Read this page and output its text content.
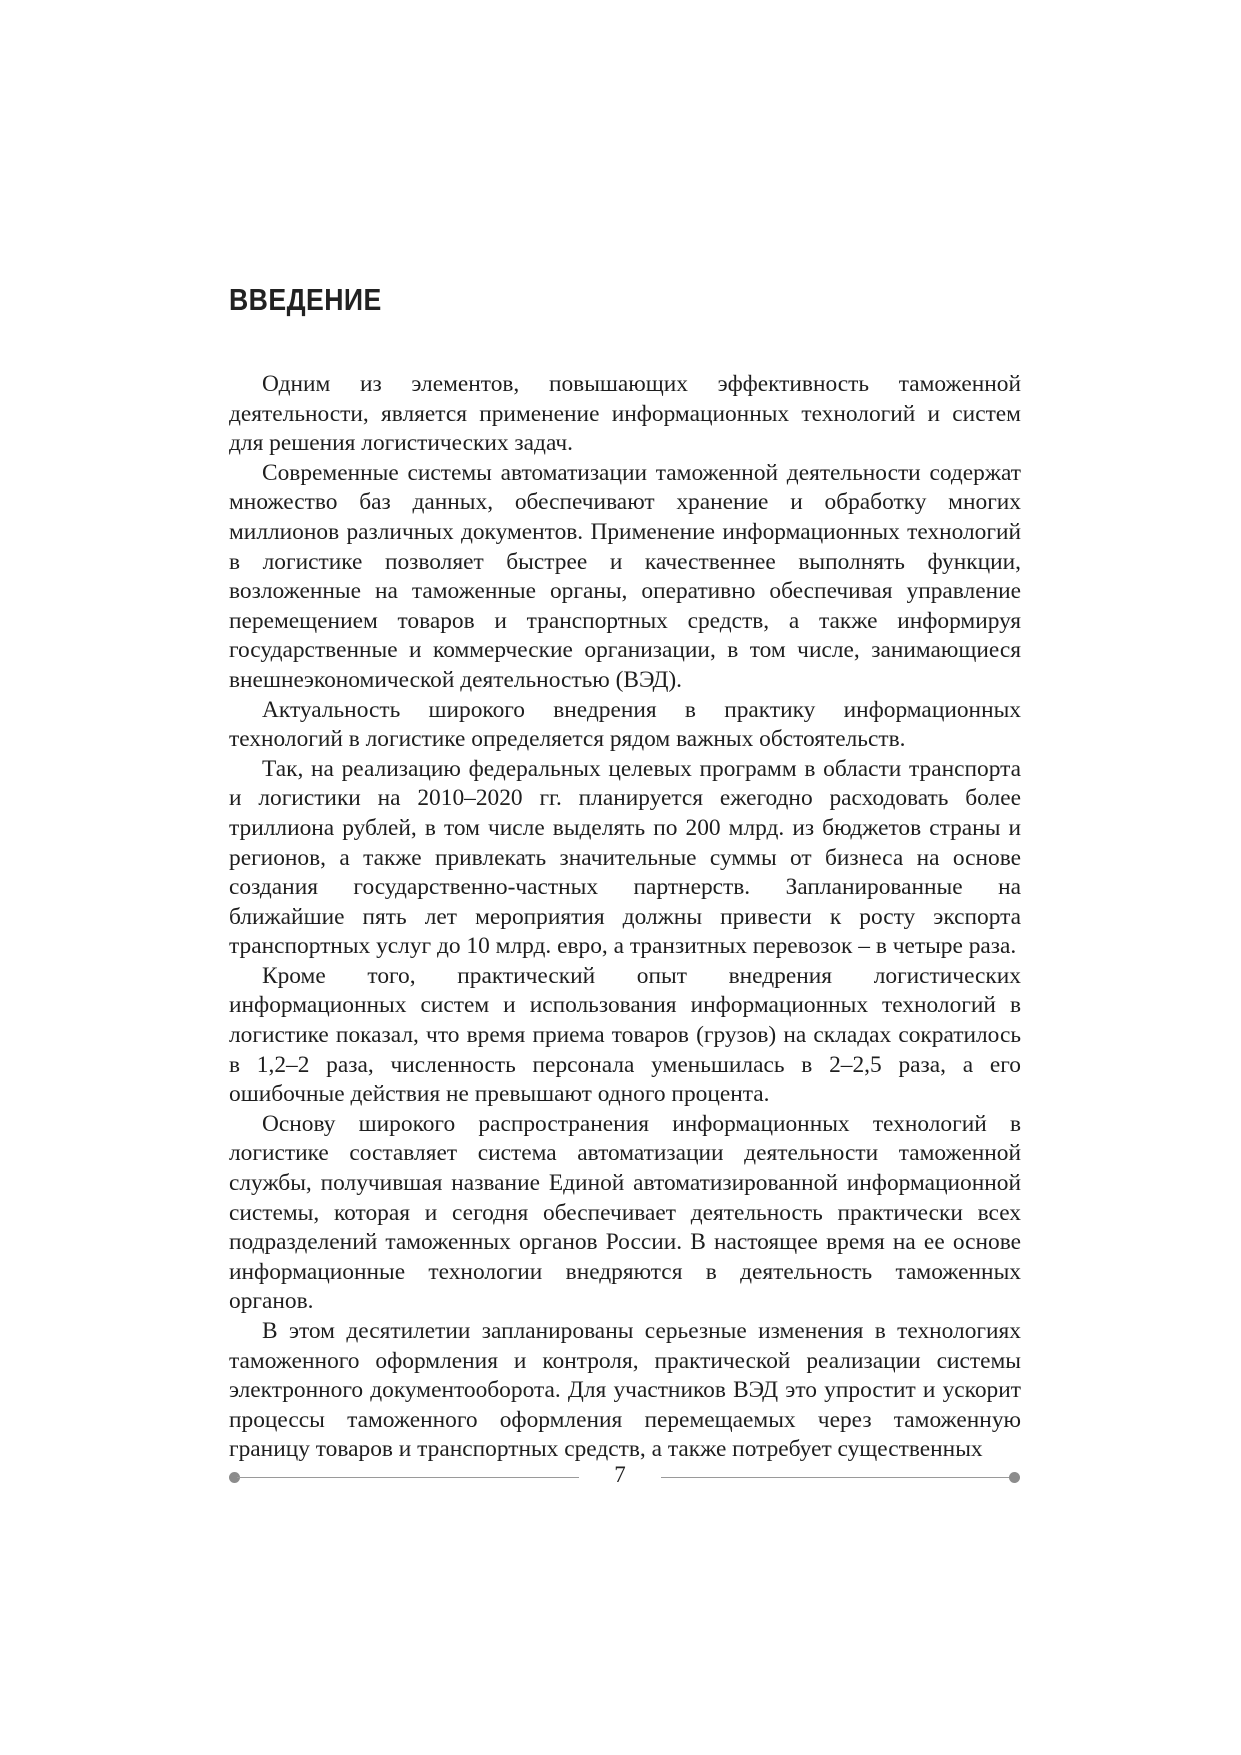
ВВЕДЕНИЕ

Одним из элементов, повышающих эффективность таможенной деятельности, является применение информационных технологий и систем для решения логистических задач.

Современные системы автоматизации таможенной деятельности содержат множество баз данных, обеспечивают хранение и обработку многих миллионов различных документов. Применение информационных технологий в логистике позволяет быстрее и качественнее выполнять функции, возложенные на таможенные органы, оперативно обеспечивая управление перемещением товаров и транспортных средств, а также информируя государственные и коммерческие организации, в том числе, занимающиеся внешнеэкономической деятельностью (ВЭД).

Актуальность широкого внедрения в практику информационных технологий в логистике определяется рядом важных обстоятельств.

Так, на реализацию федеральных целевых программ в области транспорта и логистики на 2010–2020 гг. планируется ежегодно расходовать более триллиона рублей, в том числе выделять по 200 млрд. из бюджетов страны и регионов, а также привлекать значительные суммы от бизнеса на основе создания государственно-частных партнерств. Запланированные на ближайшие пять лет мероприятия должны привести к росту экспорта транспортных услуг до 10 млрд. евро, а транзитных перевозок – в четыре раза.

Кроме того, практический опыт внедрения логистических информационных систем и использования информационных технологий в логистике показал, что время приема товаров (грузов) на складах сократилось в 1,2–2 раза, численность персонала уменьшилась в 2–2,5 раза, а его ошибочные действия не превышают одного процента.

Основу широкого распространения информационных технологий в логистике составляет система автоматизации деятельности таможенной службы, получившая название Единой автоматизированной информационной системы, которая и сегодня обеспечивает деятельность практически всех подразделений таможенных органов России. В настоящее время на ее основе информационные технологии внедряются в деятельность таможенных органов.

В этом десятилетии запланированы серьезные изменения в технологиях таможенного оформления и контроля, практической реализации системы электронного документооборота. Для участников ВЭД это упростит и ускорит процессы таможенного оформления перемещаемых через таможенную границу товаров и транспортных средств, а также потребует существенных

7
